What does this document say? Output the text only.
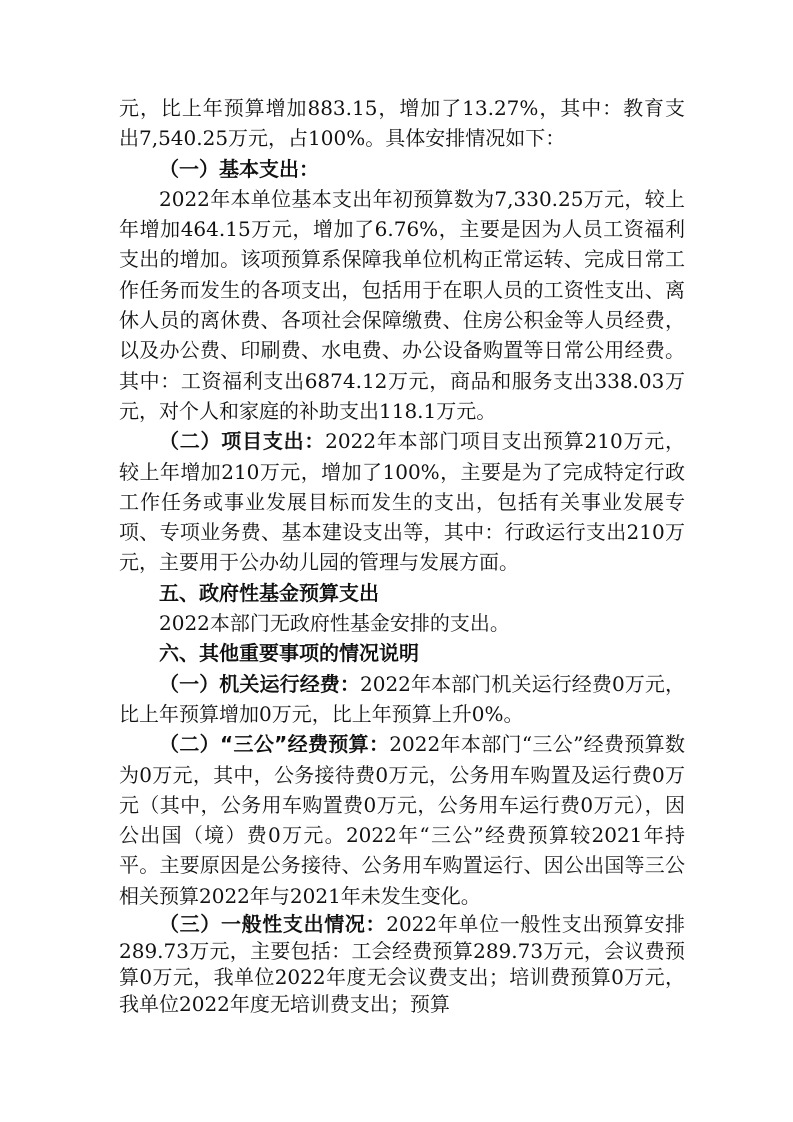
元，比上年预算增加883.15，增加了13.27%，其中：教育支出7,540.25万元，占100%。具体安排情况如下：

（一）基本支出：

2022年本单位基本支出年初预算数为7,330.25万元，较上年增加464.15万元，增加了6.76%，主要是因为人员工资福利支出的增加。该项预算系保障我单位机构正常运转、完成日常工作任务而发生的各项支出，包括用于在职人员的工资性支出、离休人员的离休费、各项社会保障缴费、住房公积金等人员经费，以及办公费、印刷费、水电费、办公设备购置等日常公用经费。其中：工资福利支出6874.12万元，商品和服务支出338.03万元，对个人和家庭的补助支出118.1万元。

（二）项目支出：2022年本部门项目支出预算210万元，较上年增加210万元，增加了100%，主要是为了完成特定行政工作任务或事业发展目标而发生的支出，包括有关事业发展专项、专项业务费、基本建设支出等，其中：行政运行支出210万元，主要用于公办幼儿园的管理与发展方面。

五、政府性基金预算支出

2022本部门无政府性基金安排的支出。

六、其他重要事项的情况说明

（一）机关运行经费：2022年本部门机关运行经费0万元，比上年预算增加0万元，比上年预算上升0%。

（二）“三公”经费预算：2022年本部门“三公”经费预算数为0万元，其中，公务接待费0万元，公务用车购置及运行费0万元（其中，公务用车购置费0万元，公务用车运行费0万元），因公出国（境）费0万元。2022年“三公”经费预算较2021年持平。主要原因是公务接待、公务用车购置运行、因公出国等三公相关预算2022年与2021年未发生变化。

（三）一般性支出情况：2022年单位一般性支出预算安排289.73万元，主要包括：工会经费预算289.73万元，会议费预算0万元，我单位2022年度无会议费支出；培训费预算0万元，我单位2022年度无培训费支出；预算
